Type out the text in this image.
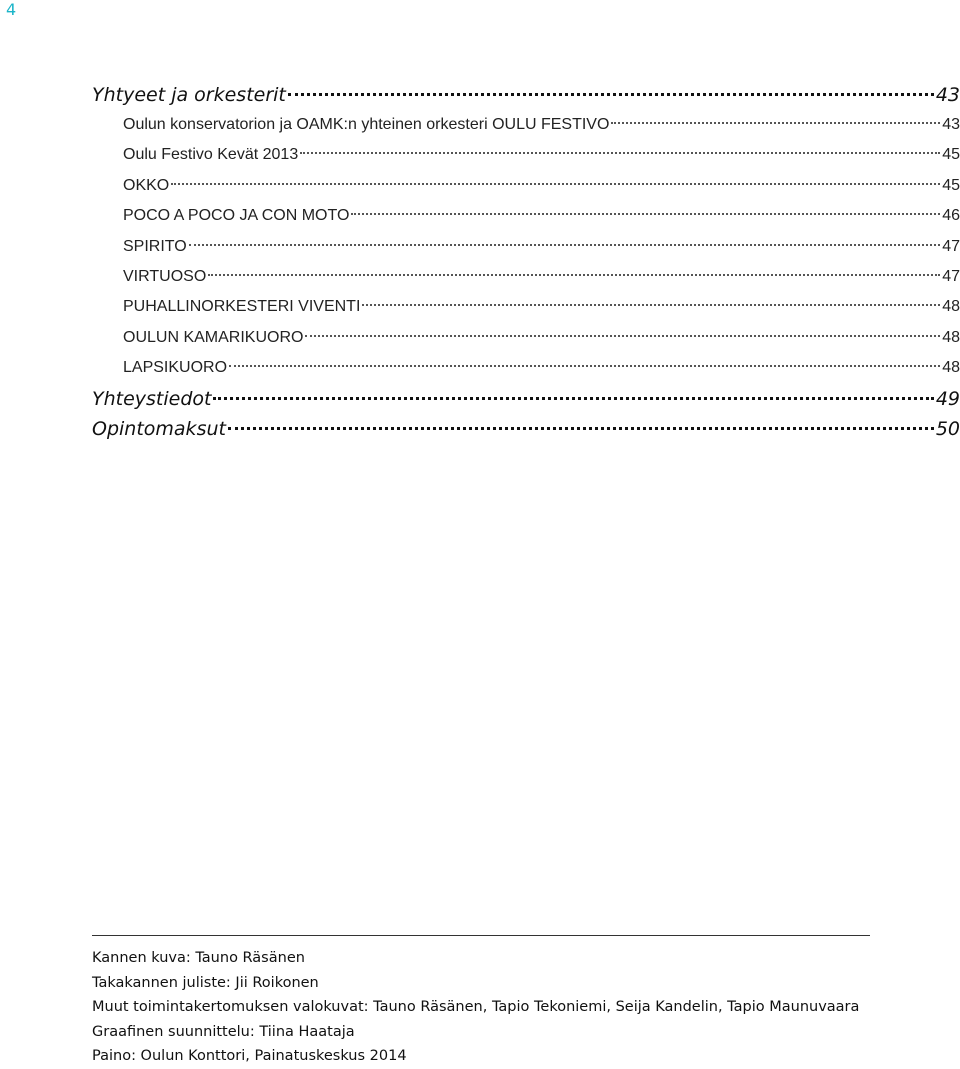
4
Yhtyeet ja orkesterit	43
Oulun konservatorion ja OAMK:n yhteinen orkesteri OULU FESTIVO	43
Oulu Festivo Kevät 2013	45
OKKO	45
POCO A POCO JA CON MOTO	46
SPIRITO	47
VIRTUOSO	47
PUHALLINORKESTERI VIVENTI	48
OULUN KAMARIKUORO	48
LAPSIKUORO	48
Yhteystiedot	49
Opintomaksut	50
Kannen kuva: Tauno Räsänen
Takakannen juliste: Jii Roikonen
Muut toimintakertomuksen valokuvat: Tauno Räsänen, Tapio Tekoniemi, Seija Kandelin, Tapio Maunuvaara
Graafinen suunnittelu: Tiina Haataja
Paino: Oulun Konttori, Painatuskeskus 2014
